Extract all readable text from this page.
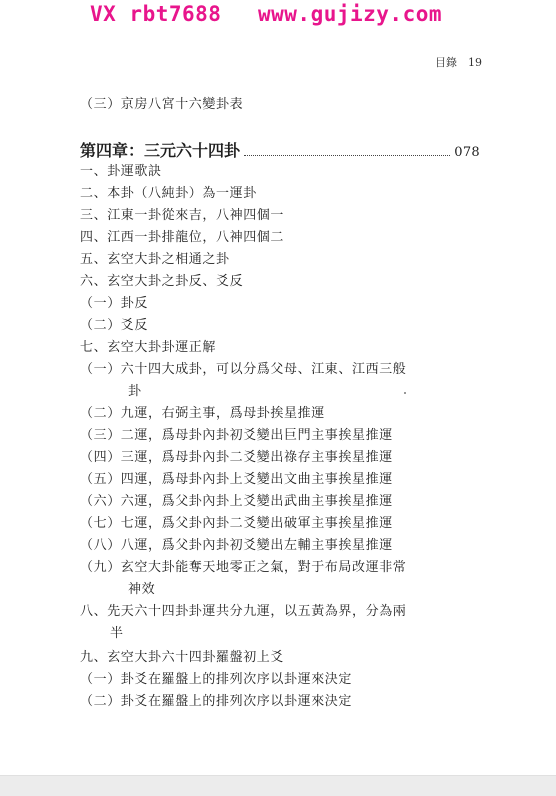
VX rbt7688

www.gujizy.com

目錄　19
（三）京房八宮十六變卦表
第四章：三元六十四卦	078
一、卦運歌訣
二、本卦（八純卦）為一運卦
三、江東一卦從來吉，八神四個一
四、江西一卦排龍位，八神四個二
五、玄空大卦之相通之卦
六、玄空大卦之卦反、爻反
（一）卦反
（二）爻反
七、玄空大卦卦運正解
（一）六十四大成卦，可以分爲父母、江東、江西三般
卦
（二）九運，右弼主事，爲母卦挨星推運
（三）二運，爲母卦內卦初爻變出巨門主事挨星推運
（四）三運，爲母卦內卦二爻變出祿存主事挨星推運
（五）四運，爲母卦內卦上爻變出文曲主事挨星推運
（六）六運，爲父卦內卦上爻變出武曲主事挨星推運
（七）七運，爲父卦內卦二爻變出破軍主事挨星推運
（八）八運，爲父卦內卦初爻變出左輔主事挨星推運
（九）玄空大卦能奪天地零正之氣，對于布局改運非常
神效
八、先天六十四卦卦運共分九運，以五黃為界，分為兩
半
九、玄空大卦六十四卦羅盤初上爻
（一）卦爻在羅盤上的排列次序以卦運來決定
（二）卦爻在羅盤上的排列次序以卦運來決定
